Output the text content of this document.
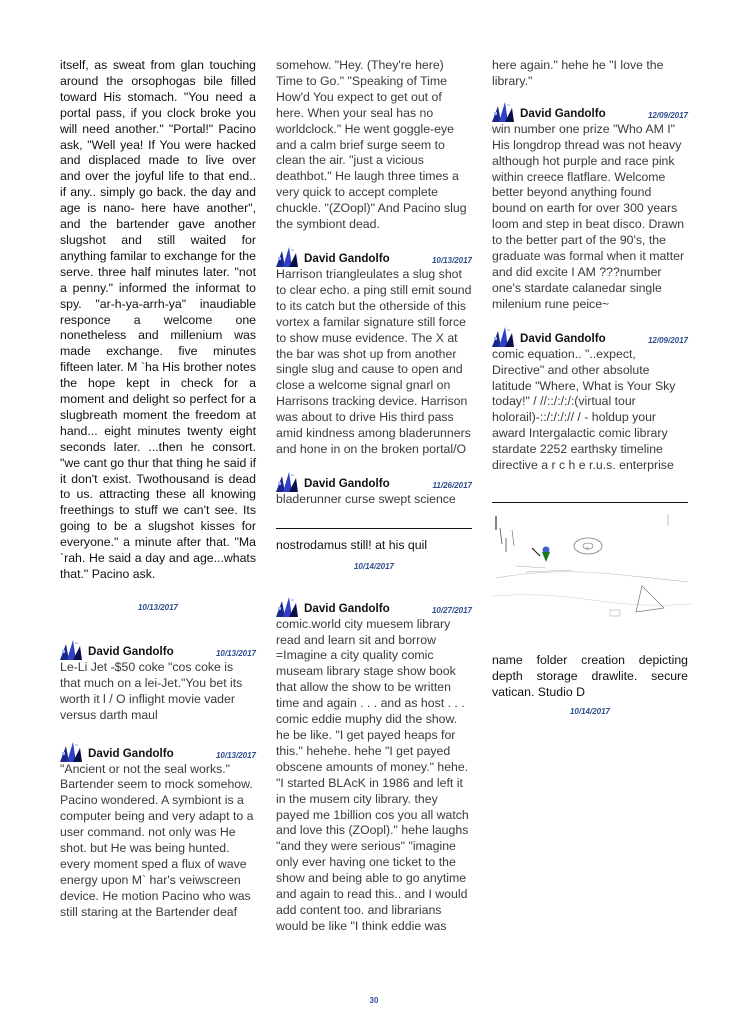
itself, as sweat from glan touching around the orsophogas bile filled toward His stomach. "You need a portal pass, if you clock broke you will need another." "Portal!" Pacino ask, "Well yea! If You were hacked and displaced made to live over and over the joyful life to that end.. if any.. simply go back. the day and age is nano- here have another", and the bartender gave another slugshot and still waited for anything familar to exchange for the serve. three half minutes later. "not a penny." informed the informat to spy. "ar-h-ya-arrh-ya" inaudiable responce a welcome one nonetheless and millenium was made exchange. five minutes fifteen later. M `ha His brother notes the hope kept in check for a moment and delight so perfect for a slugbreath moment the freedom at hand... eight minutes twenty eight seconds later. ...then he consort. "we cant go thur that thing he said if it don't exist. Twothousand is dead to us. attracting these all knowing freethings to stuff we can't see. Its going to be a slugshot kisses for everyone." a minute after that. "Ma `rah. He said a day and age...whats that." Pacino ask.

10/13/2017
David Gandolfo	10/13/2017

Le-Li Jet -$50 coke "cos coke is that much on a lei-Jet."You bet its worth it l / O inflight movie vader versus darth maul

David Gandolfo	10/13/2017

"Ancient or not the seal works." Bartender seem to mock somehow. Pacino wondered. A symbiont is a computer being and very adapt to a user command. not only was He shot. but He was being hunted. every moment sped a flux of wave energy upon M` har's veiwscreen device. He motion Pacino who was still staring at the Bartender deaf

somehow. "Hey. (They're here) Time to Go." "Speaking of Time How'd You expect to get out of here. When your seal has no worldclock." He went goggle-eye and a calm brief surge seem to clean the air. "just a vicious deathbot." He laugh three times a very quick to accept complete chuckle. "(ZOopl)" And Pacino slug the symbiont dead.

David Gandolfo	10/13/2017

Harrison triangleulates a slug shot to clear echo. a ping still emit sound to its catch but the otherside of this vortex a familar signature still force to show muse evidence. The X at the bar was shot up from another single slug and cause to open and close a welcome signal gnarl on Harrisons tracking device. Harrison was about to drive His third pass amid kindness among bladerunners and hone in on the broken portal/O

David Gandolfo	11/26/2017

bladerunner curse swept science

nostrodamus still! at his quil

10/14/2017
David Gandolfo	10/27/2017

comic.world city muesem library read and learn sit and borrow =Imagine a city quality comic museam library stage show book that allow the show to be written time and again . . . and as host . . . comic eddie muphy did the show. he be like. "I get payed heaps for this." hehehe. hehe "I get payed obscene amounts of money." hehe. "I started BLAcK in 1986 and left it in the musem city library. they payed me 1billion cos you all watch and love this (ZOopl)." hehe laughs "and they were serious" "imagine only ever having one ticket to the show and being able to go anytime and again to read this.. and I would add content too. and librarians would be like "I think eddie was

here again." hehe he "I love the library."

David Gandolfo	12/09/2017

win number one prize "Who AM I" His longdrop thread was not heavy although hot purple and race pink within creece flatflare. Welcome better beyond anything found bound on earth for over 300 years loom and step in beat disco. Drawn to the better part of the 90's, the graduate was formal when it matter and did excite I AM ???number one's stardate calanedar single milenium rune peice~

David Gandolfo	12/09/2017

comic equation.. "..expect, Directive" and other absolute latitude "Where, What is Your Sky today!" / //::/:/:/:(virtual tour holorail)-::/:/:/:// / - holdup your award Intergalactic comic library stardate 2252 earthsky timeline directive a r c h e r.u.s. enterprise

name folder creation depicting depth storage drawlite. secure vatican. Studio D

10/14/2017
o
30
